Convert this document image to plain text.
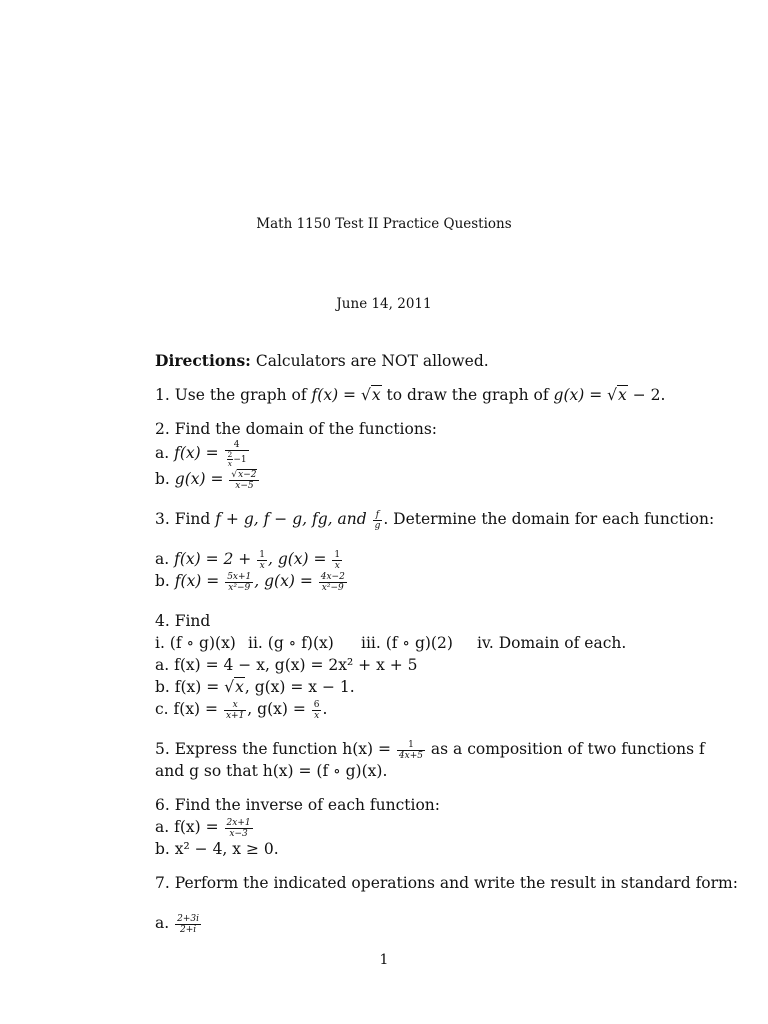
Math 1150 Test II Practice Questions
June 14, 2011
Directions: Calculators are NOT allowed.
1. Use the graph of f(x) = √x to draw the graph of g(x) = √x − 2.
2. Find the domain of the functions:
a. $f(x) = \frac{4}{\frac{2}{x} -1}$
b. $g(x) = \frac{√x-2}{x-5}$
3. Find f + g, f − g, fg, and $\frac{f}{g}$ . Determine the domain for each function:
a. $f(x) = 2 + \frac{1}{x}$ , $g(x) = \frac{1}{x}$
b. $f(x) = \frac{5x+1}{\text{x²−9}}$ , $g(x) = \frac{4x-2}{\text{x²−9}}$
4. Find
i. (f ∘ g)(x) ii. (g ∘ f)(x) iii. (f ∘ g)(2) iv. Domain of each.
a. f(x) = 4 − x, g(x) = 2x² + x + 5
b. f(x) = √x, g(x) = x − 1.
c. $f(x) = \frac{x}{x+1}$ , $g(x) = \frac{6}{x}$ .
5. Express the function $h(x) = \frac{1}{4x+5}$ as a composition of two functions f
and g so that h(x) = (f ∘ g)(x).
6. Find the inverse of each function:
a. $f(x) = \frac{2x+1}{x-3}$
b. x² − 4, x ≥ 0.
7. Perform the indicated operations and write the result in standard form:
a. $\frac{2+3i}{2+i}$
1
